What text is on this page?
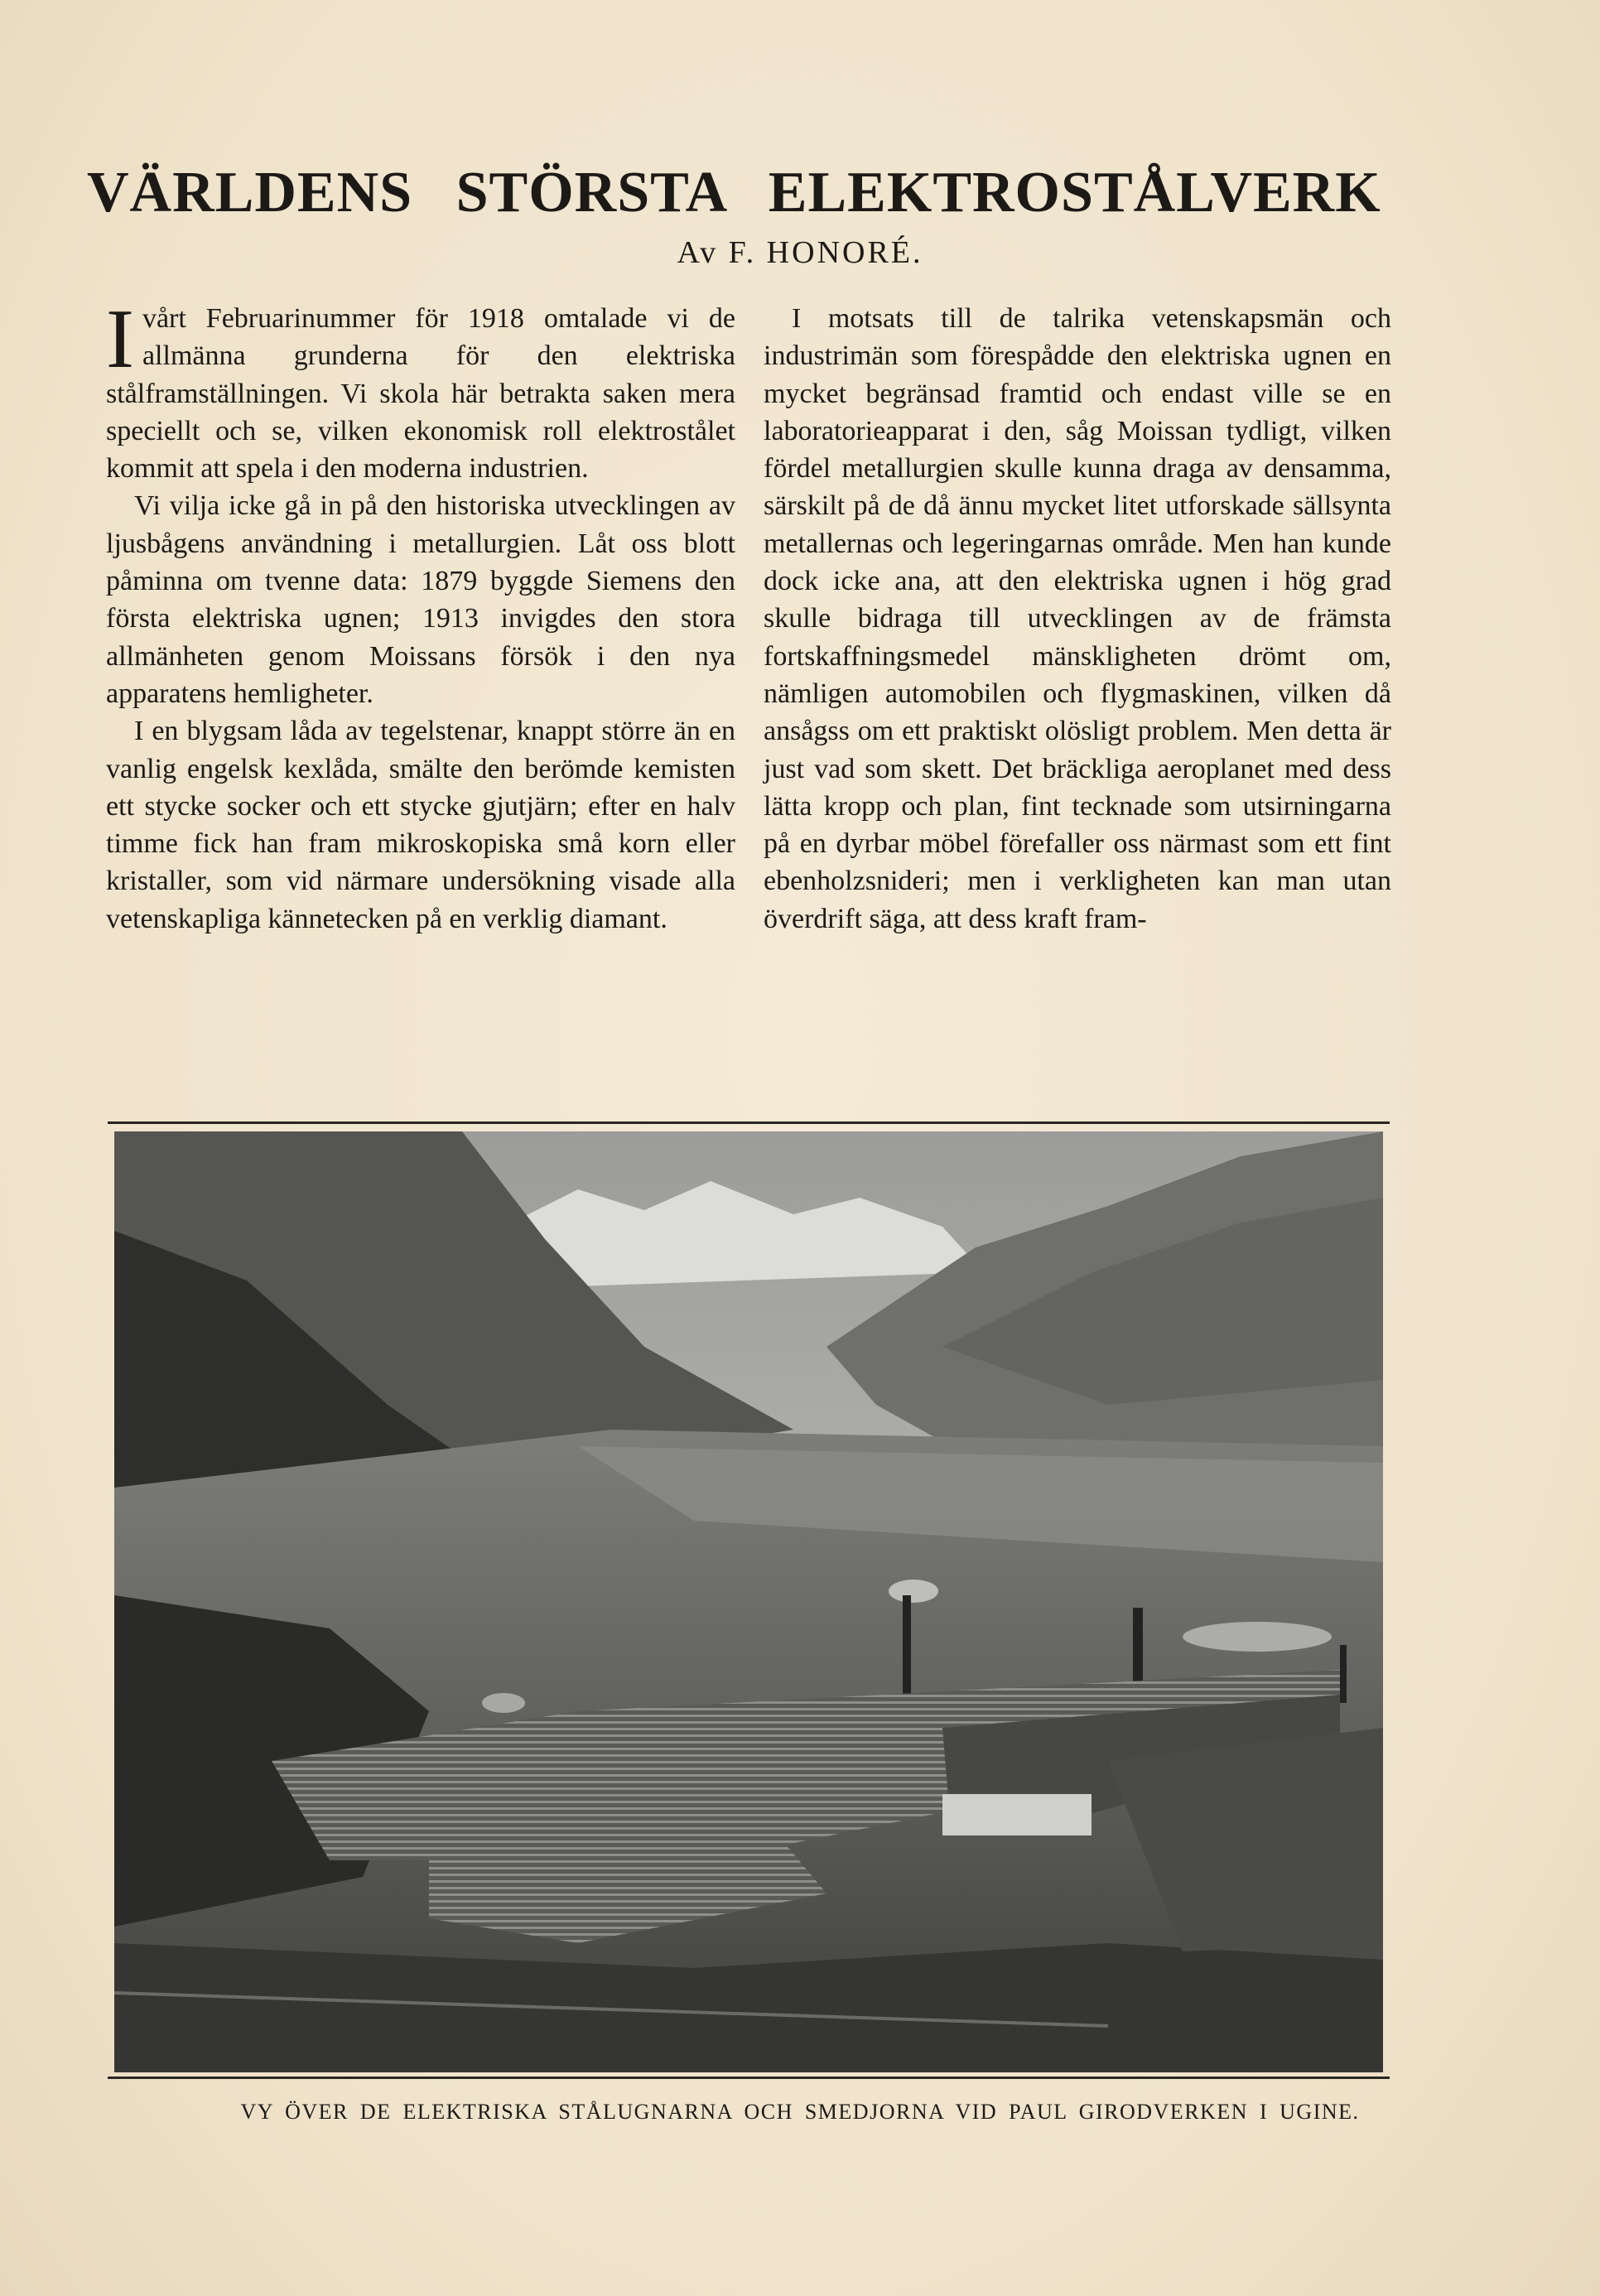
VÄRLDENS STÖRSTA ELEKTROSTÅLVERK

Av F. HONORÉ.

Ivårt Februarinummer för 1918 omtalade vi de allmänna grunderna för den elektriska stålframställningen. Vi skola här betrakta saken mera speciellt och se, vilken ekonomisk roll elektrostålet kommit att spela i den moderna industrien.

Vi vilja icke gå in på den historiska utvecklingen av ljusbågens användning i metallurgien. Låt oss blott påminna om tvenne data: 1879 byggde Siemens den första elektriska ugnen; 1913 invigdes den stora allmänheten genom Moissans försök i den nya apparatens hemligheter.

I en blygsam låda av tegelstenar, knappt större än en vanlig engelsk kexlåda, smälte den berömde kemisten ett stycke socker och ett stycke gjutjärn; efter en halv timme fick han fram mikroskopiska små korn eller kristaller, som vid närmare undersökning visade alla vetenskapliga kännetecken på en verklig diamant.

I motsats till de talrika vetenskapsmän och industrimän som förespådde den elektriska ugnen en mycket begränsad framtid och endast ville se en laboratorieapparat i den, såg Moissan tydligt, vilken fördel metallurgien skulle kunna draga av densamma, särskilt på de då ännu mycket litet utforskade sällsynta metallernas och legeringarnas område. Men han kunde dock icke ana, att den elektriska ugnen i hög grad skulle bidraga till utvecklingen av de främsta fortskaffningsmedel mänskligheten drömt om, nämligen automobilen och flygmaskinen, vilken då ansågss om ett praktiskt olösligt problem. Men detta är just vad som skett. Det bräckliga aeroplanet med dess lätta kropp och plan, fint tecknade som utsirningarna på en dyrbar möbel förefaller oss närmast som ett fint ebenholzsnideri; men i verkligheten kan man utan överdrift säga, att dess kraft fram-

VY ÖVER DE ELEKTRISKA STÅLUGNARNA OCH SMEDJORNA VID PAUL GIRODVERKEN I UGINE.
